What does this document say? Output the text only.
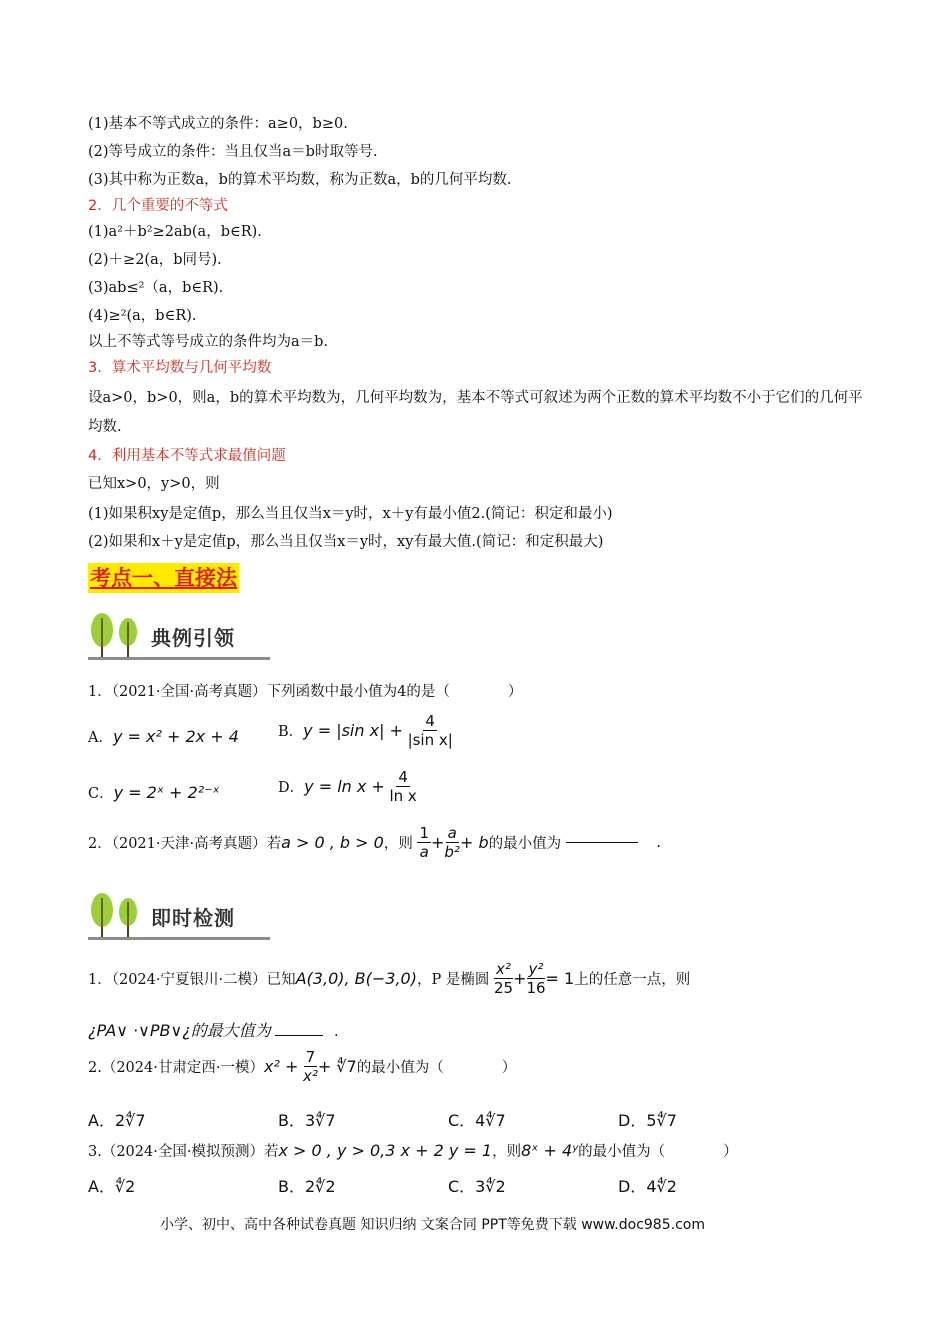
(1)基本不等式成立的条件：a≥0，b≥0.
(2)等号成立的条件：当且仅当a＝b时取等号.
(3)其中称为正数a，b的算术平均数，称为正数a，b的几何平均数.
2．几个重要的不等式
(1)a²＋b²≥2ab(a，b∈R).
(2)＋≥2(a，b同号).
(3)ab≤²（a，b∈R).
(4)≥²(a，b∈R).
以上不等式等号成立的条件均为a＝b.
3．算术平均数与几何平均数
设a>0，b>0，则a，b的算术平均数为，几何平均数为，基本不等式可叙述为两个正数的算术平均数不小于它们的几何平均数.
4．利用基本不等式求最值问题
已知x>0，y>0，则
(1)如果积xy是定值p，那么当且仅当x＝y时，x＋y有最小值2.(简记：积定和最小)
(2)如果和x＋y是定值p，那么当且仅当x＝y时，xy有最大值.(简记：和定积最大)
考点一、直接法
典例引领
1．（2021·全国·高考真题）下列函数中最小值为4的是（　　　　）
A．y = x² + 2x + 4	B．y = |sin $x| + \frac{4}{\text{|sin x|}}$
C．y = 2ˣ + 2²⁻ˣ	D．$y = \ln x + \frac{4}{\text{ln x}}$
2．（2021·天津·高考真题）若a > 0 , b > 0，则 $\frac{1}{a} + \frac{a}{\text{b²}} + b$的最小值为	.
即时检测
1．（2024·宁夏银川·二模）已知A(3,0), B(−3,0)，P 是椭圆 $\frac{\text{x²}}{25} + \frac{\text{y²}}{16} = 1$上的任意一点，则
¿PA∨ ⋅∨PB∨¿的最大值为	.
2.（2024·甘肃定西·一模）$x^2 + \frac{7}{\text{x²}}$ + ∜7的最小值为（　　　　）
A．2∜7	B．3∜7	C．4∜7	D．5∜7
3.（2024·全国·模拟预测）若x > 0 , y > 0,3 x + 2 y = 1，则8ˣ + 4ʸ的最小值为（　　　　）
A．∜2	B．2∜2	C．3∜2	D．4∜2
小学、初中、高中各种试卷真题 知识归纳 文案合同 PPT等免费下载 www.doc985.com
